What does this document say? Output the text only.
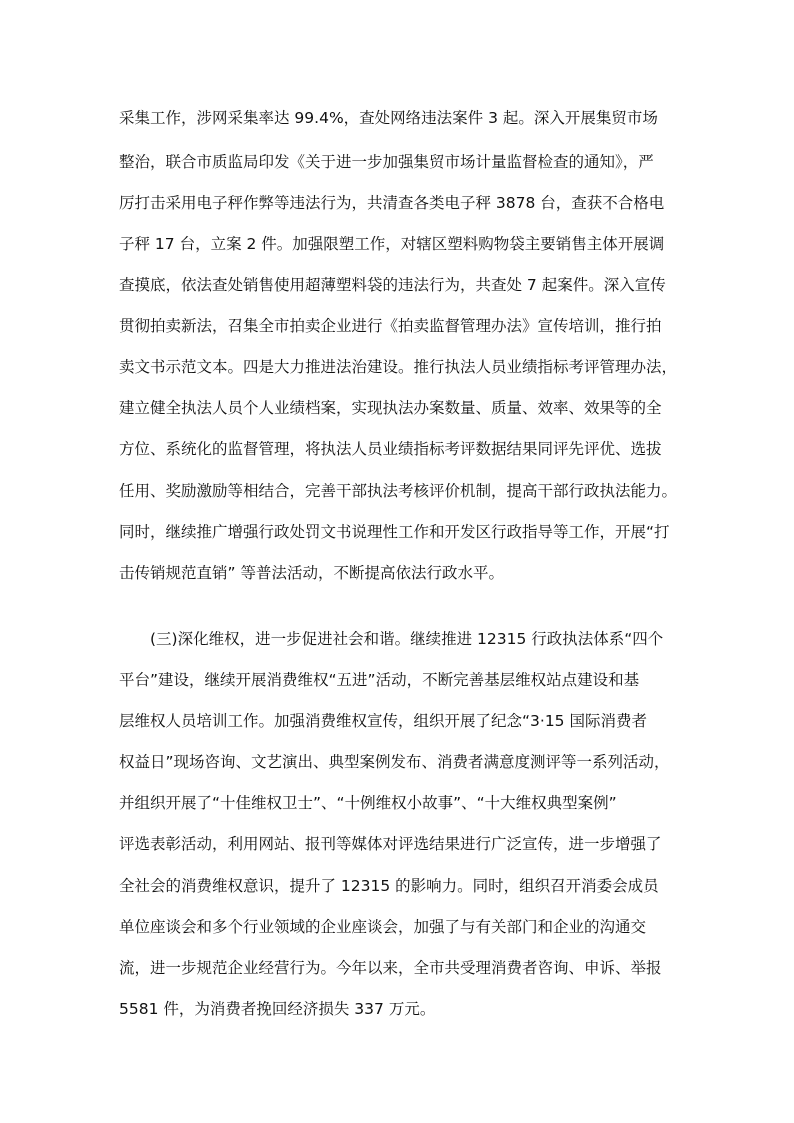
采集工作，涉网采集率达 99.4%，查处网络违法案件 3 起。深入开展集贸市场
整治，联合市质监局印发《关于进一步加强集贸市场计量监督检查的通知》，严
厉打击采用电子秤作弊等违法行为，共清查各类电子秤 3878 台，查获不合格电
子秤 17 台，立案 2 件。加强限塑工作，对辖区塑料购物袋主要销售主体开展调
查摸底，依法查处销售使用超薄塑料袋的违法行为，共查处 7 起案件。深入宣传
贯彻拍卖新法，召集全市拍卖企业进行《拍卖监督管理办法》宣传培训，推行拍
卖文书示范文本。四是大力推进法治建设。推行执法人员业绩指标考评管理办法，
建立健全执法人员个人业绩档案，实现执法办案数量、质量、效率、效果等的全
方位、系统化的监督管理，将执法人员业绩指标考评数据结果同评先评优、选拔
任用、奖励激励等相结合，完善干部执法考核评价机制，提高干部行政执法能力。
同时，继续推广增强行政处罚文书说理性工作和开发区行政指导等工作，开展“打
击传销规范直销” 等普法活动，不断提高依法行政水平。
(三)深化维权，进一步促进社会和谐。继续推进 12315 行政执法体系“四个
平台”建设，继续开展消费维权“五进”活动，不断完善基层维权站点建设和基
层维权人员培训工作。加强消费维权宣传，组织开展了纪念“3·15 国际消费者
权益日”现场咨询、文艺演出、典型案例发布、消费者满意度测评等一系列活动，
并组织开展了“十佳维权卫士”、“十例维权小故事”、“十大维权典型案例”
评选表彰活动，利用网站、报刊等媒体对评选结果进行广泛宣传，进一步增强了
全社会的消费维权意识，提升了 12315 的影响力。同时，组织召开消委会成员
单位座谈会和多个行业领域的企业座谈会，加强了与有关部门和企业的沟通交
流，进一步规范企业经营行为。今年以来，全市共受理消费者咨询、申诉、举报
5581 件，为消费者挽回经济损失 337 万元。
